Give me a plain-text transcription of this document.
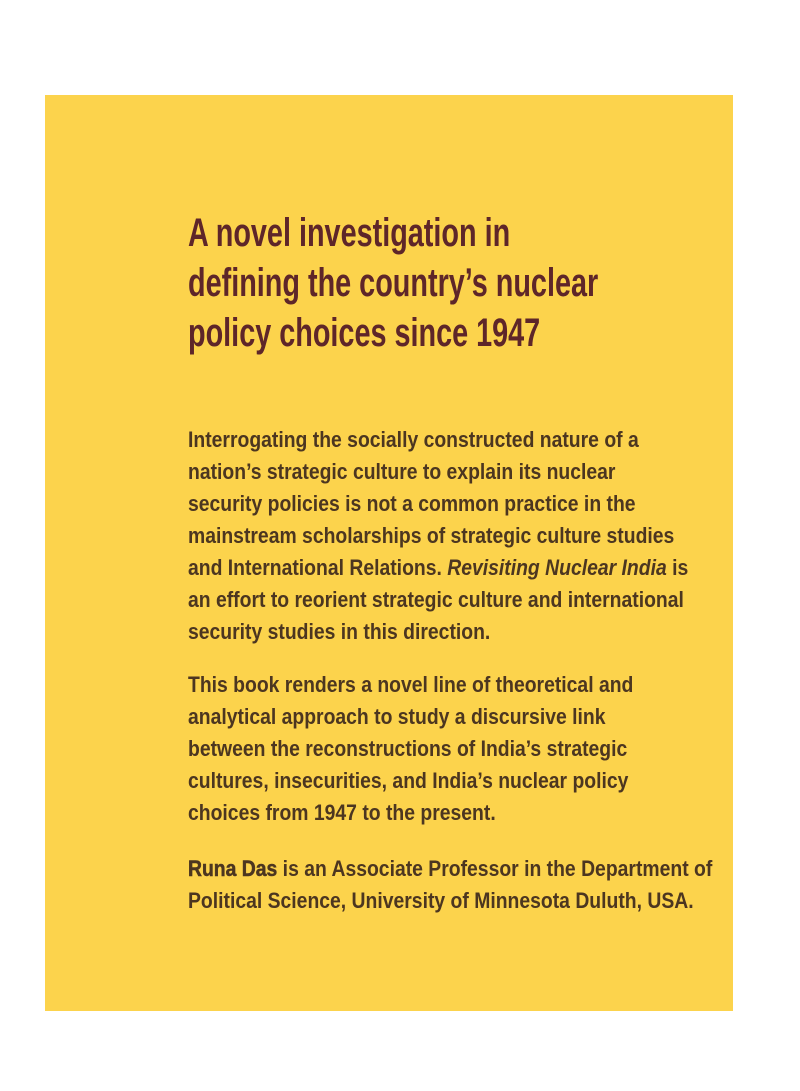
A novel investigation in
defining the country’s nuclear
policy choices since 1947
Interrogating the socially constructed nature of a
nation’s strategic culture to explain its nuclear
security policies is not a common practice in the
mainstream scholarships of strategic culture studies
and International Relations. Revisiting Nuclear India is
an effort to reorient strategic culture and international
security studies in this direction.
This book renders a novel line of theoretical and
analytical approach to study a discursive link
between the reconstructions of India’s strategic
cultures, insecurities, and India’s nuclear policy
choices from 1947 to the present.
Runa Das is an Associate Professor in the Department of
Political Science, University of Minnesota Duluth, USA.
